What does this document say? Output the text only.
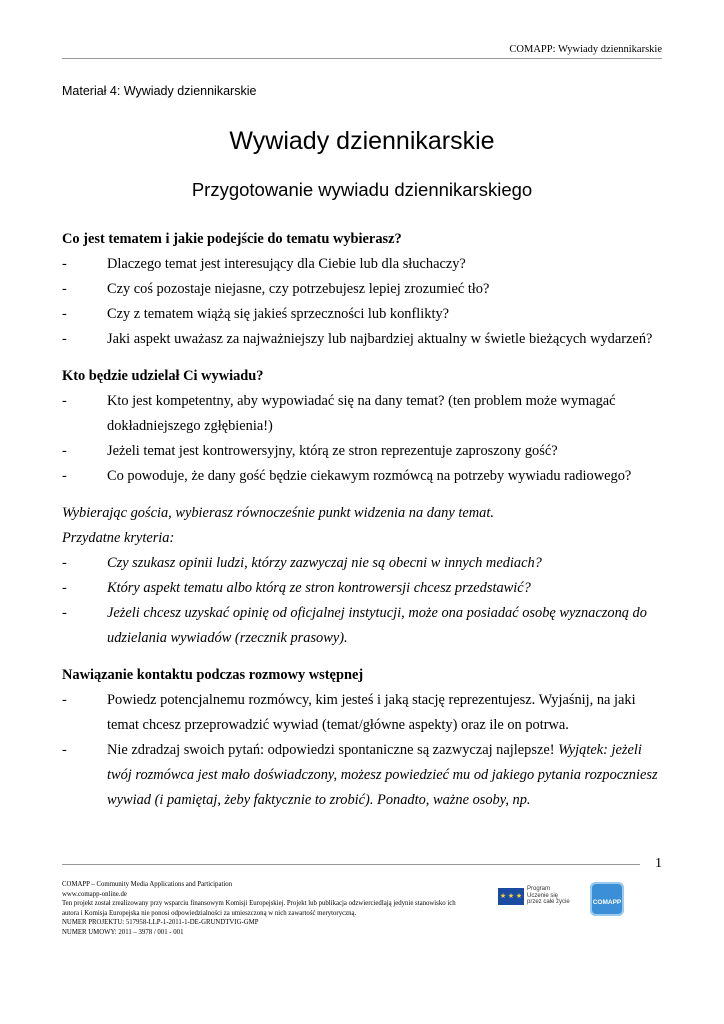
COMAPP: Wywiady dziennikarskie
Materiał 4: Wywiady dziennikarskie
Wywiady dziennikarskie
Przygotowanie wywiadu dziennikarskiego

Co jest tematem i jakie podejście do tematu wybierasz?

-	Dlaczego temat jest interesujący dla Ciebie lub dla słuchaczy?
-	Czy coś pozostaje niejasne, czy potrzebujesz lepiej zrozumieć tło?
-	Czy z tematem wiążą się jakieś sprzeczności lub konflikty?
-	Jaki aspekt uważasz za najważniejszy lub najbardziej aktualny w świetle bieżących wydarzeń?

Kto będzie udzielał Ci wywiadu?

-	Kto jest kompetentny, aby wypowiadać się na dany temat? (ten problem może wymagać dokładniejszego zgłębienia!)
-	Jeżeli temat jest kontrowersyjny, którą ze stron reprezentuje zaproszony gość?
-	Co powoduje, że dany gość będzie ciekawym rozmówcą na potrzeby wywiadu radiowego?

Wybierając gościa, wybierasz równocześnie punkt widzenia na dany temat.

Przydatne kryteria:

-	Czy szukasz opinii ludzi, którzy zazwyczaj nie są obecni w innych mediach?
-	Który aspekt tematu albo którą ze stron kontrowersji chcesz przedstawić?
-	Jeżeli chcesz uzyskać opinię od oficjalnej instytucji, może ona posiadać osobę wyznaczoną do udzielania wywiadów (rzecznik prasowy).

Nawiązanie kontaktu podczas rozmowy wstępnej

-	Powiedz potencjalnemu rozmówcy, kim jesteś i jaką stację reprezentujesz. Wyjaśnij, na jaki temat chcesz przeprowadzić wywiad (temat/główne aspekty) oraz ile on potrwa.
-	Nie zdradzaj swoich pytań: odpowiedzi spontaniczne są zazwyczaj najlepsze! Wyjątek: jeżeli twój rozmówca jest mało doświadczony, możesz powiedzieć mu od jakiego pytania rozpoczniesz wywiad (i pamiętaj, żeby faktycznie to zrobić). Ponadto, ważne osoby, np.
1
COMAPP – Community Media Applications and Participation
www.comapp-online.de
Ten projekt został zrealizowany przy wsparciu finansowym Komisji Europejskiej. Projekt lub publikacja odzwierciedlają jedynie stanowisko ich autora i Komisja Europejska nie ponosi odpowiedzialności za umieszczoną w nich zawartość merytoryczną.
NUMER PROJEKTU: 517958-LLP-1-2011-1-DE-GRUNDTVIG-GMP
NUMER UMOWY: 2011 – 3978 / 001 - 001
★ ★ ★
Program
Uczenie się
przez całe życie	COMAPP
